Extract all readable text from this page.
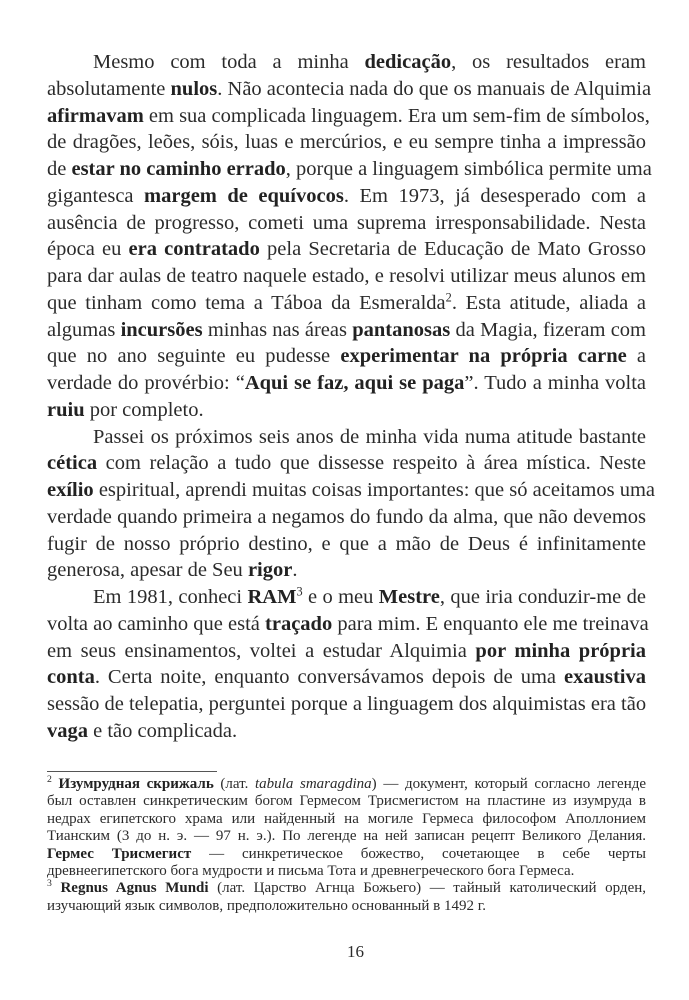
Mesmo com toda a minha dedicação, os resultados eram
absolutamente nulos. Não acontecia nada do que os manuais de Alquimia
afirmavam em sua complicada linguagem. Era um sem-fim de símbolos,
de dragões, leões, sóis, luas e mercúrios, e eu sempre tinha a impressão
de estar no caminho errado, porque a linguagem simbólica permite uma
gigantesca margem de equívocos. Em 1973, já desesperado com a
ausência de progresso, cometi uma suprema irresponsabilidade. Nesta
época eu era contratado pela Secretaria de Educação de Mato Grosso
para dar aulas de teatro naquele estado, e resolvi utilizar meus alunos em
que tinham como tema a Táboa da Esmeralda$^2$. Esta atitude, aliada a
algumas incursões minhas nas áreas pantanosas da Magia, fizeram com
que no ano seguinte eu pudesse experimentar na própria carne a
verdade do provérbio: “Aqui se faz, aqui se paga”. Tudo a minha volta
ruiu por completo.
Passei os próximos seis anos de minha vida numa atitude bastante
cética com relação a tudo que dissesse respeito à área mística. Neste
exílio espiritual, aprendi muitas coisas importantes: que só aceitamos uma
verdade quando primeira a negamos do fundo da alma, que não devemos
fugir de nosso próprio destino, e que a mão de Deus é infinitamente
generosa, apesar de Seu rigor.
Em 1981, conheci RAM$^3$ e o meu Mestre, que iria conduzir-me de
volta ao caminho que está traçado para mim. E enquanto ele me treinava
em seus ensinamentos, voltei a estudar Alquimia por minha própria
conta. Certa noite, enquanto conversávamos depois de uma exaustiva
sessão de telepatia, perguntei porque a linguagem dos alquimistas era tão
vaga e tão complicada.
$^2$ Изумрудная скрижаль (лат. tabula smaragdina) — документ, который согласно легенде
был оставлен синкретическим богом Гермесом Трисмегистом на пластине из изумруда в
недрах египетского храма или найденный на могиле Гермеса философом Аполлонием
Тианским (3 до н. э. — 97 н. э.). По легенде на ней записан рецепт Великого Делания.
Гермес Трисмегист — синкретическое божество, сочетающее в себе черты
древнеегипетского бога мудрости и письма Тота и древнегреческого бога Гермеса.
$^3$ Regnus Agnus Mundi (лат. Царство Агнца Божьего) — тайный католический орден,
изучающий язык символов, предположительно основанный в 1492 г.
16
